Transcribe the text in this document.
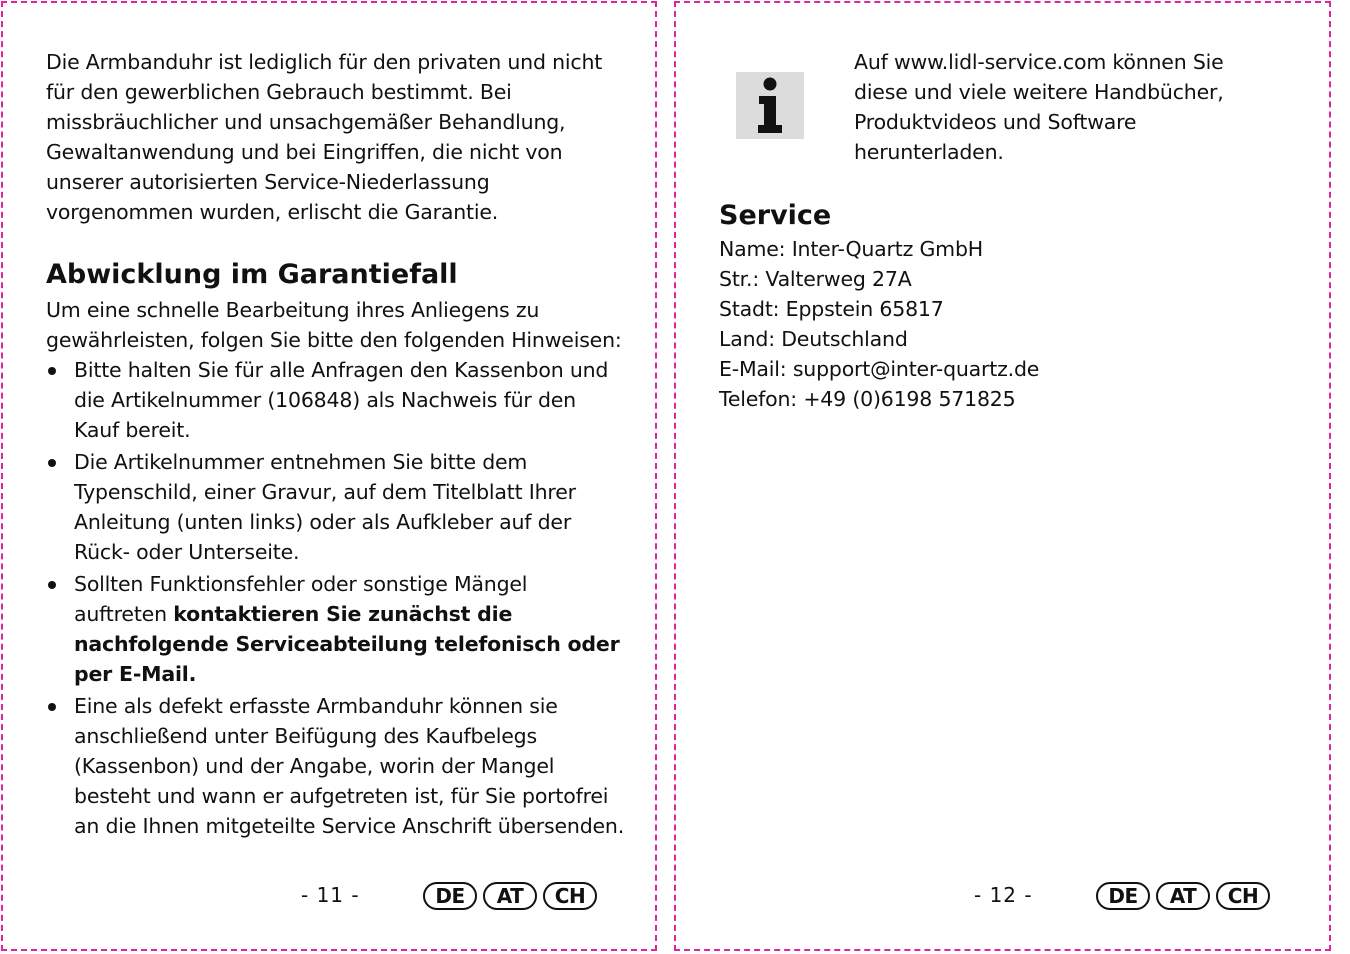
Die Armbanduhr ist lediglich für den privaten und nicht für den gewerblichen Gebrauch bestimmt. Bei missbräuchlicher und unsachgemäßer Behandlung, Gewaltanwendung und bei Eingriffen, die nicht von unserer autorisierten Service-Niederlassung vorgenommen wurden, erlischt die Garantie.

Abwicklung im Garantiefall

Um eine schnelle Bearbeitung ihres Anliegens zu gewährleisten, folgen Sie bitte den folgenden Hinweisen:

Bitte halten Sie für alle Anfragen den Kassenbon und die Artikelnummer (106848) als Nachweis für den Kauf bereit.
Die Artikelnummer entnehmen Sie bitte dem Typenschild, einer Gravur, auf dem Titelblatt Ihrer Anleitung (unten links) oder als Aufkleber auf der Rück- oder Unterseite.
Sollten Funktionsfehler oder sonstige Mängel auftreten kontaktieren Sie zunächst die nachfolgende Serviceabteilung telefonisch oder per E-Mail.
Eine als defekt erfasste Armbanduhr können sie anschließend unter Beifügung des Kaufbelegs (Kassenbon) und der Angabe, worin der Mangel besteht und wann er aufgetreten ist, für Sie portofrei an die Ihnen mitgeteilte Service Anschrift übersenden.
- 11 -	DE	AT	CH

Auf www.lidl-service.com können Sie diese und viele weitere Handbücher, Produktvideos und Software herunterladen.

Service
Name: Inter-Quartz GmbH
Str.: Valterweg 27A
Stadt: Eppstein 65817
Land: Deutschland
E-Mail: support@inter-quartz.de
Telefon: +49 (0)6198 571825
- 12 -	DE	AT	CH
